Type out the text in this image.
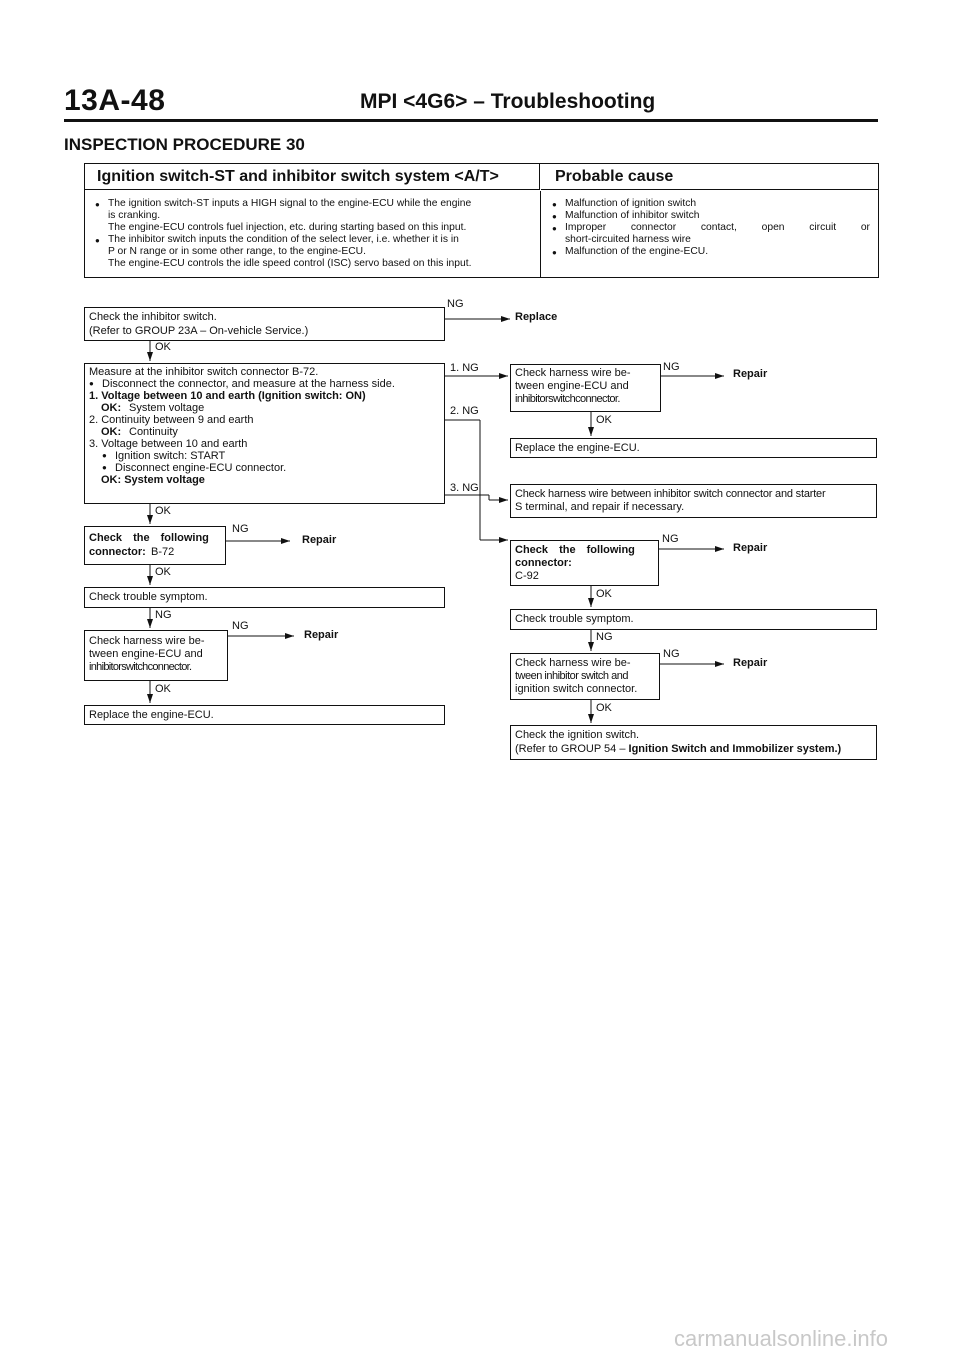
13A-48	MPI <4G6> – Troubleshooting
INSPECTION PROCEDURE 30
Ignition switch-ST and inhibitor switch system <A/T>	Probable cause
● The ignition switch-ST inputs a HIGH signal to the engine-ECU while the engine
is cranking.
The engine-ECU controls fuel injection, etc. during starting based on this input.
● The inhibitor switch inputs the condition of the select lever, i.e. whether it is in
P or N range or in some other range, to the engine-ECU.
The engine-ECU controls the idle speed control (ISC) servo based on this input.
● Malfunction of ignition switch
● Malfunction of inhibitor switch
● Improper connector contact, open circuit or
short-circuited harness wire
● Malfunction of the engine-ECU.
Check the inhibitor switch.
(Refer to GROUP 23A – On-vehicle Service.)
NG
Replace
OK
Measure at the inhibitor switch connector B-72.
● Disconnect the connector, and measure at the harness side.
1. Voltage between 10 and earth (Ignition switch: ON)
OK: System voltage
2. Continuity between 9 and earth
OK: Continuity
3. Voltage between 10 and earth
● Ignition switch: START
● Disconnect engine-ECU connector.
OK: System voltage
1. NG
2. NG
3. NG
OK
Check harness wire be-
tween engine-ECU and
inhibitorswitchconnector.
NG
Repair
OK
Replace the engine-ECU.
Check harness wire between inhibitor switch connector and starter
S terminal, and repair if necessary.
Check the following
connector: B-72
NG
Repair
OK
Check the following
connector:
C-92
NG
Repair
OK
Check trouble symptom.
NG
Check harness wire be-
tween engine-ECU and
inhibitorswitchconnector.
NG
Repair
OK
Replace the engine-ECU.
Check trouble symptom.
NG
Check harness wire be-
tween inhibitor switch and
ignition switch connector.
NG
Repair
OK
Check the ignition switch.
(Refer to GROUP 54 – Ignition Switch and Immobilizer system.)
carmanualsonline.info
